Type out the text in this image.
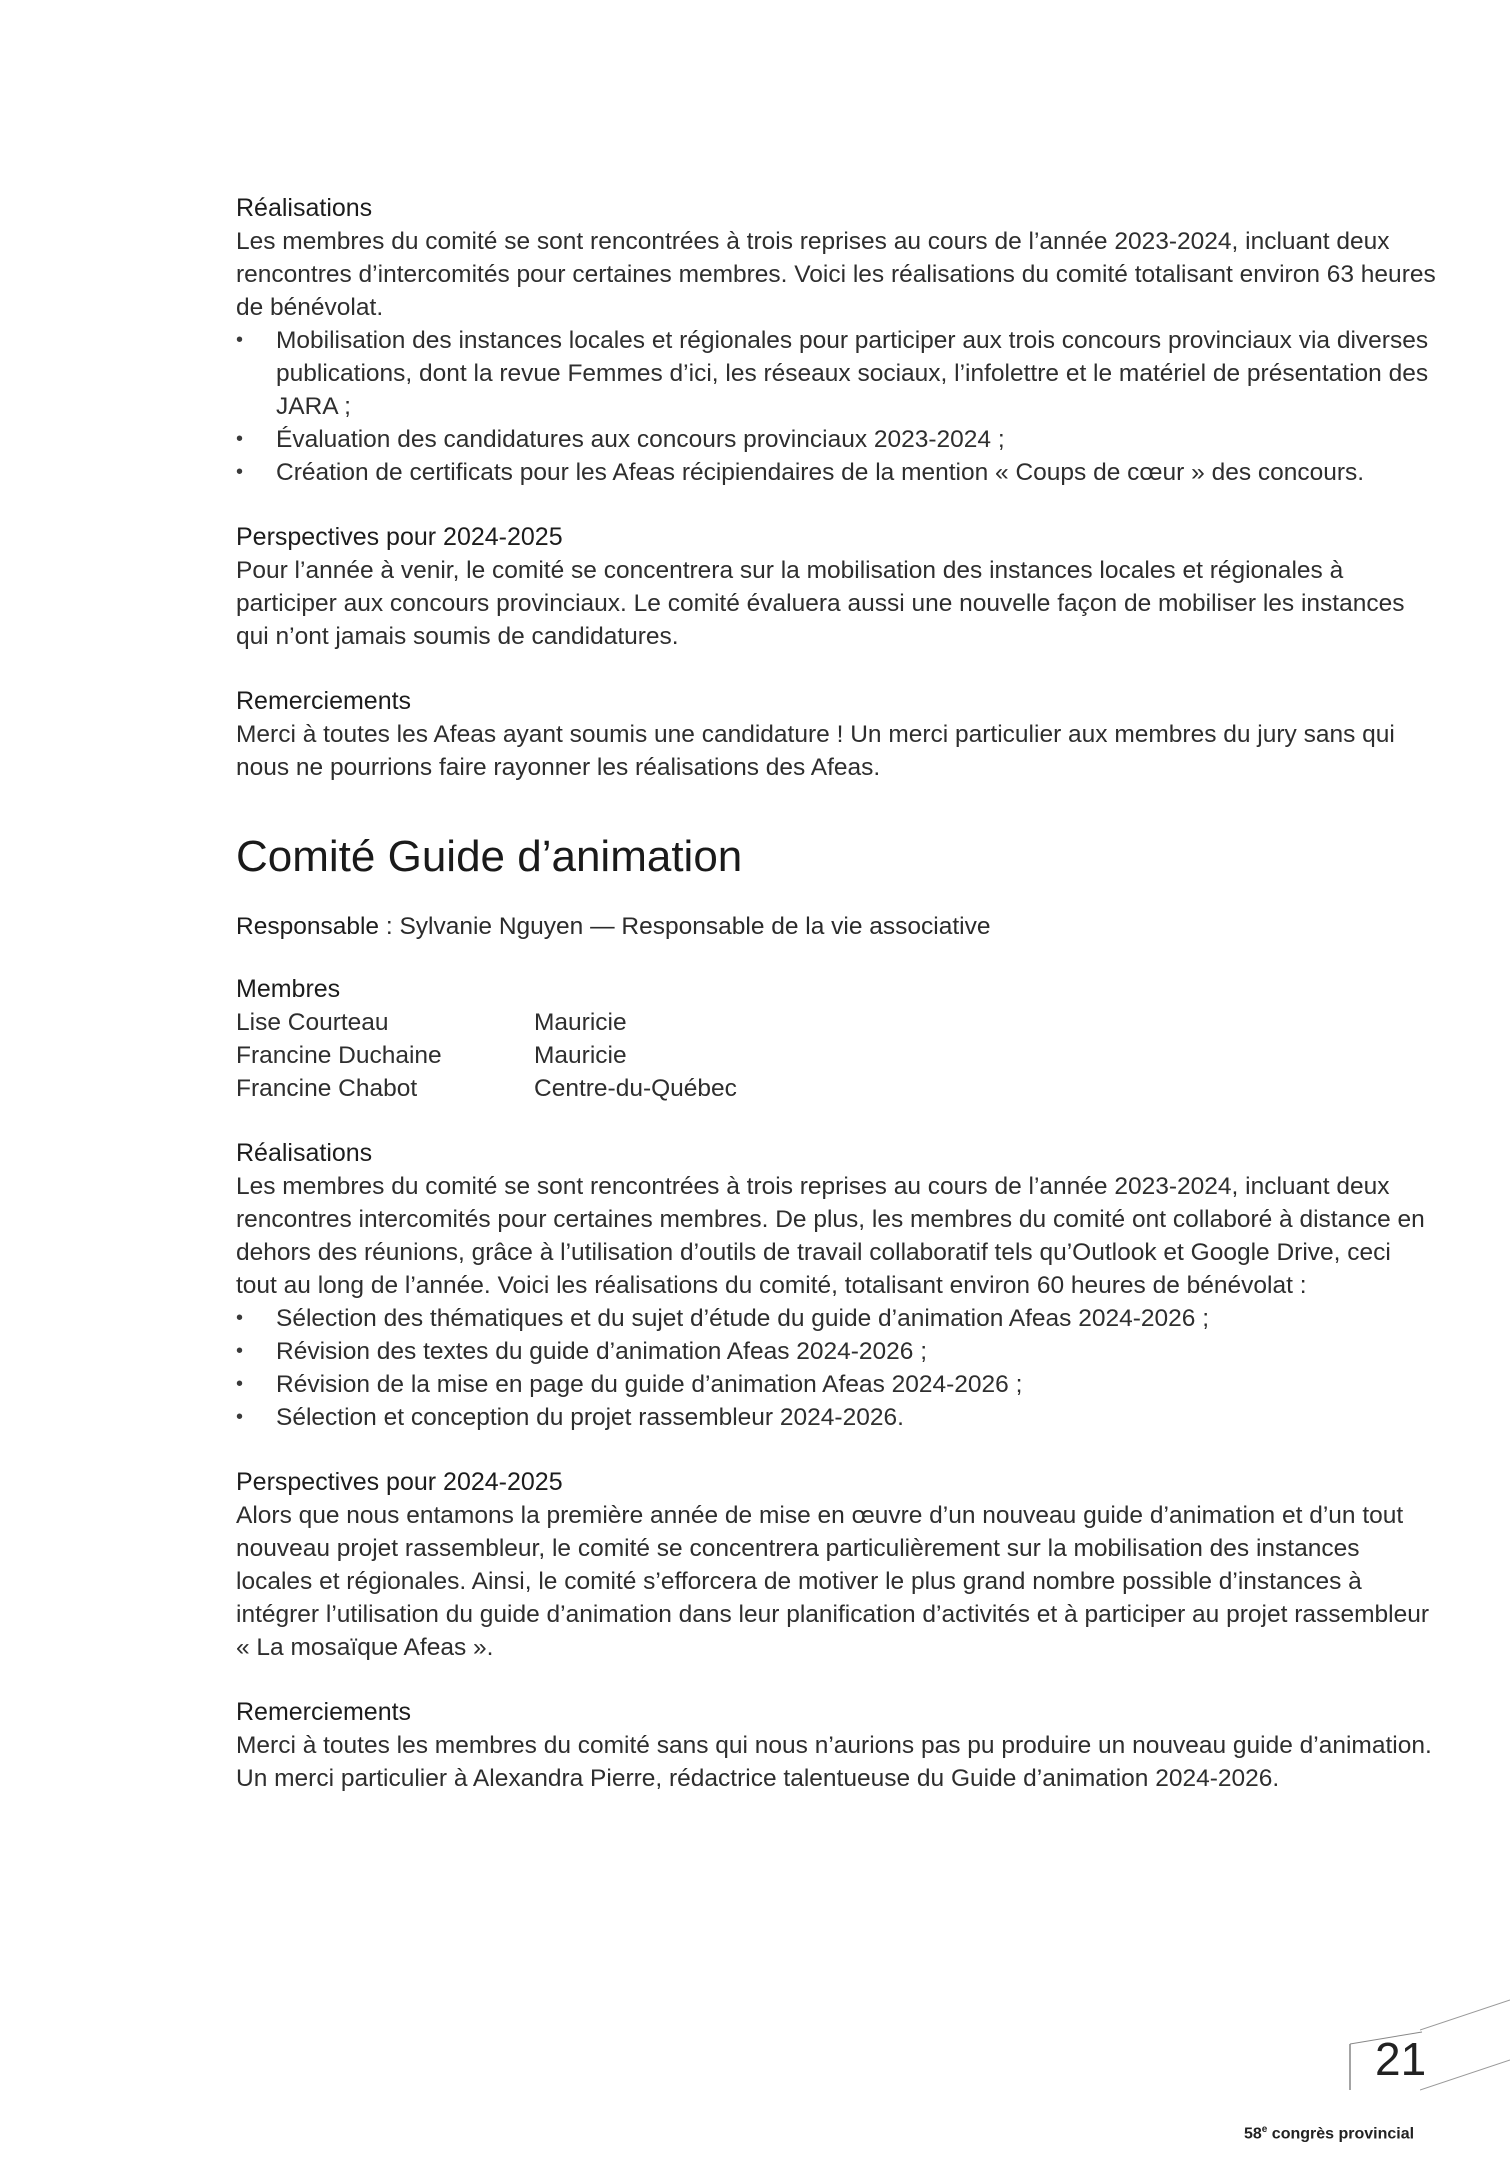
Réalisations

Les membres du comité se sont rencontrées à trois reprises au cours de l’année 2023-2024, incluant deux rencontres d’intercomités pour certaines membres. Voici les réalisations du comité totalisant environ 63 heures de bénévolat.

• Mobilisation des instances locales et régionales pour participer aux trois concours provinciaux via diverses publications, dont la revue Femmes d’ici, les réseaux sociaux, l’infolettre et le matériel de présentation des JARA ;
• Évaluation des candidatures aux concours provinciaux 2023-2024 ;
• Création de certificats pour les Afeas récipiendaires de la mention « Coups de cœur » des concours.
Perspectives pour 2024-2025

Pour l’année à venir, le comité se concentrera sur la mobilisation des instances locales et régionales à participer aux concours provinciaux. Le comité évaluera aussi une nouvelle façon de mobiliser les instances qui n’ont jamais soumis de candidatures.

Remerciements

Merci à toutes les Afeas ayant soumis une candidature ! Un merci particulier aux membres du jury sans qui nous ne pourrions faire rayonner les réalisations des Afeas.

Comité Guide d’animation
Responsable : Sylvanie Nguyen — Responsable de la vie associative
Membres
Lise Courteau	Mauricie
Francine Duchaine	Mauricie
Francine Chabot	Centre-du-Québec
Réalisations

Les membres du comité se sont rencontrées à trois reprises au cours de l’année 2023-2024, incluant deux rencontres intercomités pour certaines membres. De plus, les membres du comité ont collaboré à distance en dehors des réunions, grâce à l’utilisation d’outils de travail collaboratif tels qu’Outlook et Google Drive, ceci tout au long de l’année. Voici les réalisations du comité, totalisant environ 60 heures de bénévolat :

• Sélection des thématiques et du sujet d’étude du guide d’animation Afeas 2024-2026 ;
• Révision des textes du guide d’animation Afeas 2024-2026 ;
• Révision de la mise en page du guide d’animation Afeas 2024-2026 ;
• Sélection et conception du projet rassembleur 2024-2026.
Perspectives pour 2024-2025

Alors que nous entamons la première année de mise en œuvre d’un nouveau guide d’animation et d’un tout nouveau projet rassembleur, le comité se concentrera particulièrement sur la mobilisation des instances locales et régionales. Ainsi, le comité s’efforcera de motiver le plus grand nombre possible d’instances à intégrer l’utilisation du guide d’animation dans leur planification d’activités et à participer au projet rassembleur « La mosaïque Afeas ».

Remerciements

Merci à toutes les membres du comité sans qui nous n’aurions pas pu produire un nouveau guide d’animation. Un merci particulier à Alexandra Pierre, rédactrice talentueuse du Guide d’animation 2024-2026.

21
58e congrès provincial
